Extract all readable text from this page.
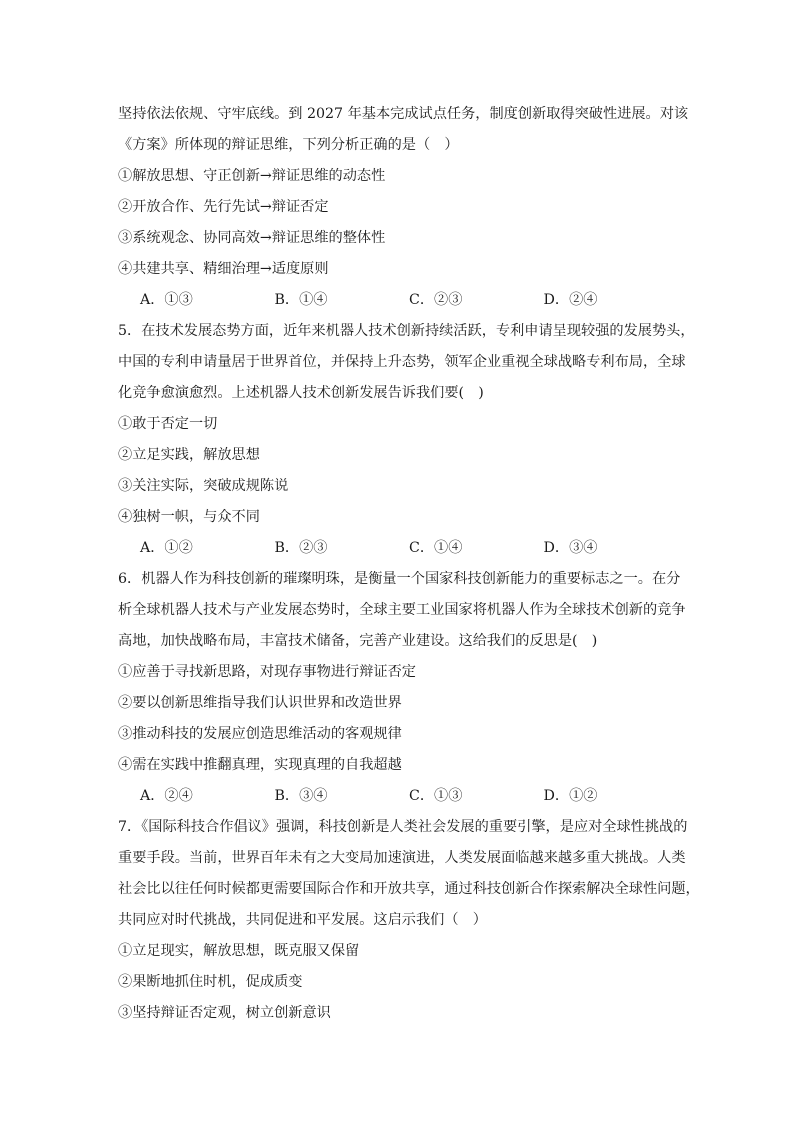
坚持依法依规、守牢底线。到 2027 年基本完成试点任务，制度创新取得突破性进展。对该
《方案》所体现的辩证思维，下列分析正确的是（　）
①解放思想、守正创新→辩证思维的动态性
②开放合作、先行先试→辩证否定
③系统观念、协同高效→辩证思维的整体性
④共建共享、精细治理→适度原则
A．①③	B．①④	C．②③	D．②④
5．在技术发展态势方面，近年来机器人技术创新持续活跃，专利申请呈现较强的发展势头，
中国的专利申请量居于世界首位，并保持上升态势，领军企业重视全球战略专利布局，全球
化竞争愈演愈烈。上述机器人技术创新发展告诉我们要(　)
①敢于否定一切
②立足实践，解放思想
③关注实际，突破成规陈说
④独树一帜，与众不同
A．①②	B．②③	C．①④	D．③④
6．机器人作为科技创新的璀璨明珠，是衡量一个国家科技创新能力的重要标志之一。在分
析全球机器人技术与产业发展态势时，全球主要工业国家将机器人作为全球技术创新的竞争
高地，加快战略布局，丰富技术储备，完善产业建设。这给我们的反思是(　)
①应善于寻找新思路，对现存事物进行辩证否定
②要以创新思维指导我们认识世界和改造世界
③推动科技的发展应创造思维活动的客观规律
④需在实践中推翻真理，实现真理的自我超越
A．②④	B．③④	C．①③	D．①②
7．《国际科技合作倡议》强调，科技创新是人类社会发展的重要引擎，是应对全球性挑战的
重要手段。当前，世界百年未有之大变局加速演进，人类发展面临越来越多重大挑战。人类
社会比以往任何时候都更需要国际合作和开放共享，通过科技创新合作探索解决全球性问题，
共同应对时代挑战，共同促进和平发展。这启示我们（　）
①立足现实，解放思想，既克服又保留
②果断地抓住时机，促成质变
③坚持辩证否定观，树立创新意识
